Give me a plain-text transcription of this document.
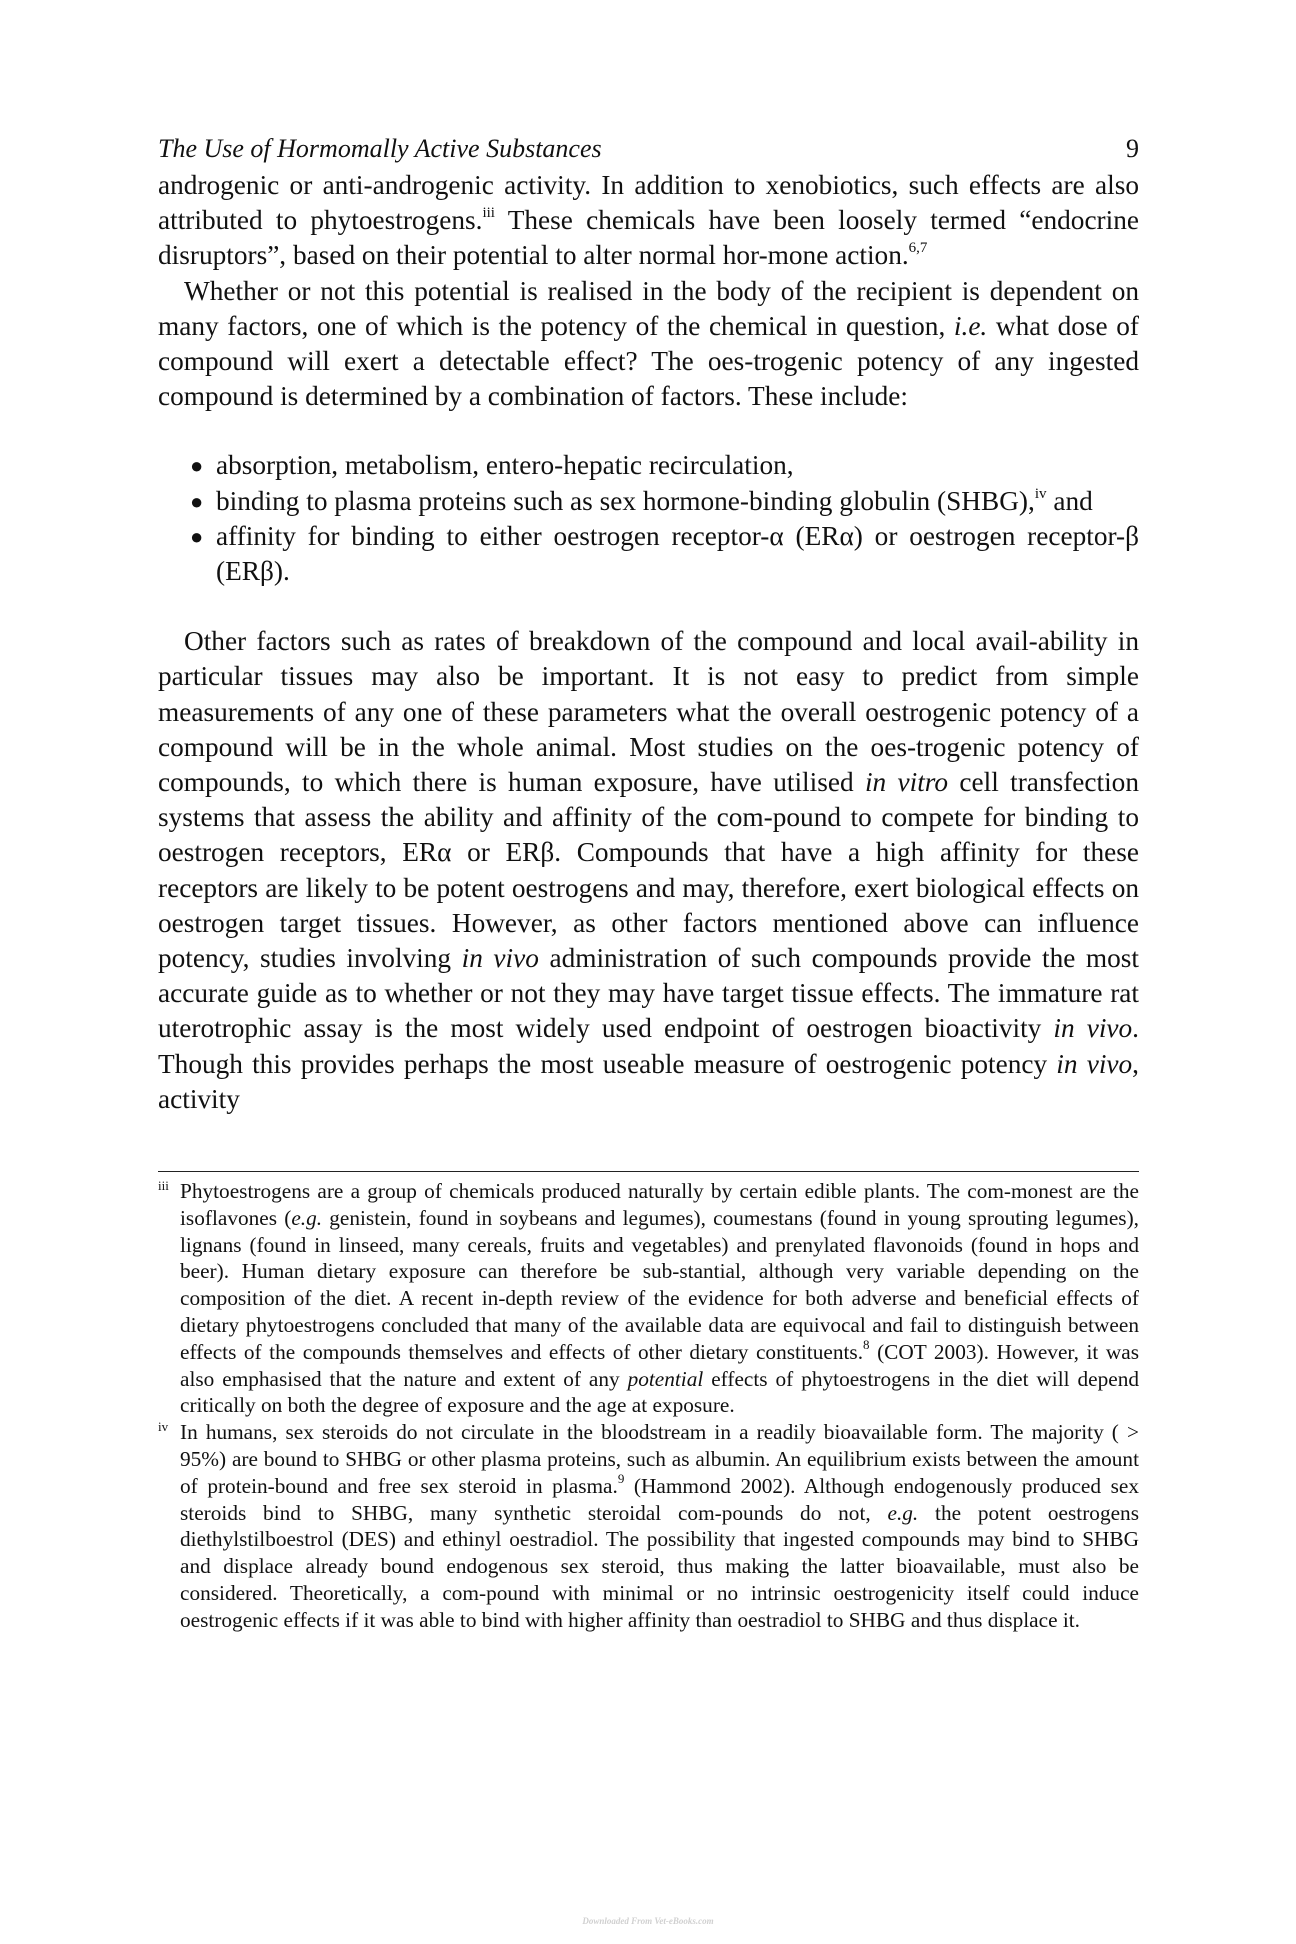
The Use of Hormomally Active Substances	9

androgenic or anti-androgenic activity. In addition to xenobiotics, such effects are also attributed to phytoestrogens.$^{iii}$ These chemicals have been loosely termed “endocrine disruptors”, based on their potential to alter normal hor-mone action.$^{6,7}$

Whether or not this potential is realised in the body of the recipient is dependent on many factors, one of which is the potency of the chemical in question, i.e. what dose of compound will exert a detectable effect? The oes-trogenic potency of any ingested compound is determined by a combination of factors. These include:

● absorption, metabolism, entero-hepatic recirculation,
● binding to plasma proteins such as sex hormone-binding globulin (SHBG),$^{iv}$ and
● affinity for binding to either oestrogen receptor-α (ERα) or oestrogen receptor-β (ERβ).

Other factors such as rates of breakdown of the compound and local avail-ability in particular tissues may also be important. It is not easy to predict from simple measurements of any one of these parameters what the overall oestrogenic potency of a compound will be in the whole animal. Most studies on the oes-trogenic potency of compounds, to which there is human exposure, have utilised in vitro cell transfection systems that assess the ability and affinity of the com-pound to compete for binding to oestrogen receptors, ERα or ERβ. Compounds that have a high affinity for these receptors are likely to be potent oestrogens and may, therefore, exert biological effects on oestrogen target tissues. However, as other factors mentioned above can influence potency, studies involving in vivo administration of such compounds provide the most accurate guide as to whether or not they may have target tissue effects. The immature rat uterotrophic assay is the most widely used endpoint of oestrogen bioactivity in vivo. Though this provides perhaps the most useable measure of oestrogenic potency in vivo, activity

iii Phytoestrogens are a group of chemicals produced naturally by certain edible plants. The com-monest are the isoflavones (e.g. genistein, found in soybeans and legumes), coumestans (found in young sprouting legumes), lignans (found in linseed, many cereals, fruits and vegetables) and prenylated flavonoids (found in hops and beer). Human dietary exposure can therefore be sub-stantial, although very variable depending on the composition of the diet. A recent in-depth review of the evidence for both adverse and beneficial effects of dietary phytoestrogens concluded that many of the available data are equivocal and fail to distinguish between effects of the compounds themselves and effects of other dietary constituents.$^8$ (COT 2003). However, it was also emphasised that the nature and extent of any potential effects of phytoestrogens in the diet will depend critically on both the degree of exposure and the age at exposure.
iv In humans, sex steroids do not circulate in the bloodstream in a readily bioavailable form. The majority ( > 95%) are bound to SHBG or other plasma proteins, such as albumin. An equilibrium exists between the amount of protein-bound and free sex steroid in plasma.$^9$ (Hammond 2002). Although endogenously produced sex steroids bind to SHBG, many synthetic steroidal com-pounds do not, e.g. the potent oestrogens diethylstilboestrol (DES) and ethinyl oestradiol. The possibility that ingested compounds may bind to SHBG and displace already bound endogenous sex steroid, thus making the latter bioavailable, must also be considered. Theoretically, a com-pound with minimal or no intrinsic oestrogenicity itself could induce oestrogenic effects if it was able to bind with higher affinity than oestradiol to SHBG and thus displace it.
Downloaded From Vet-eBooks.com
